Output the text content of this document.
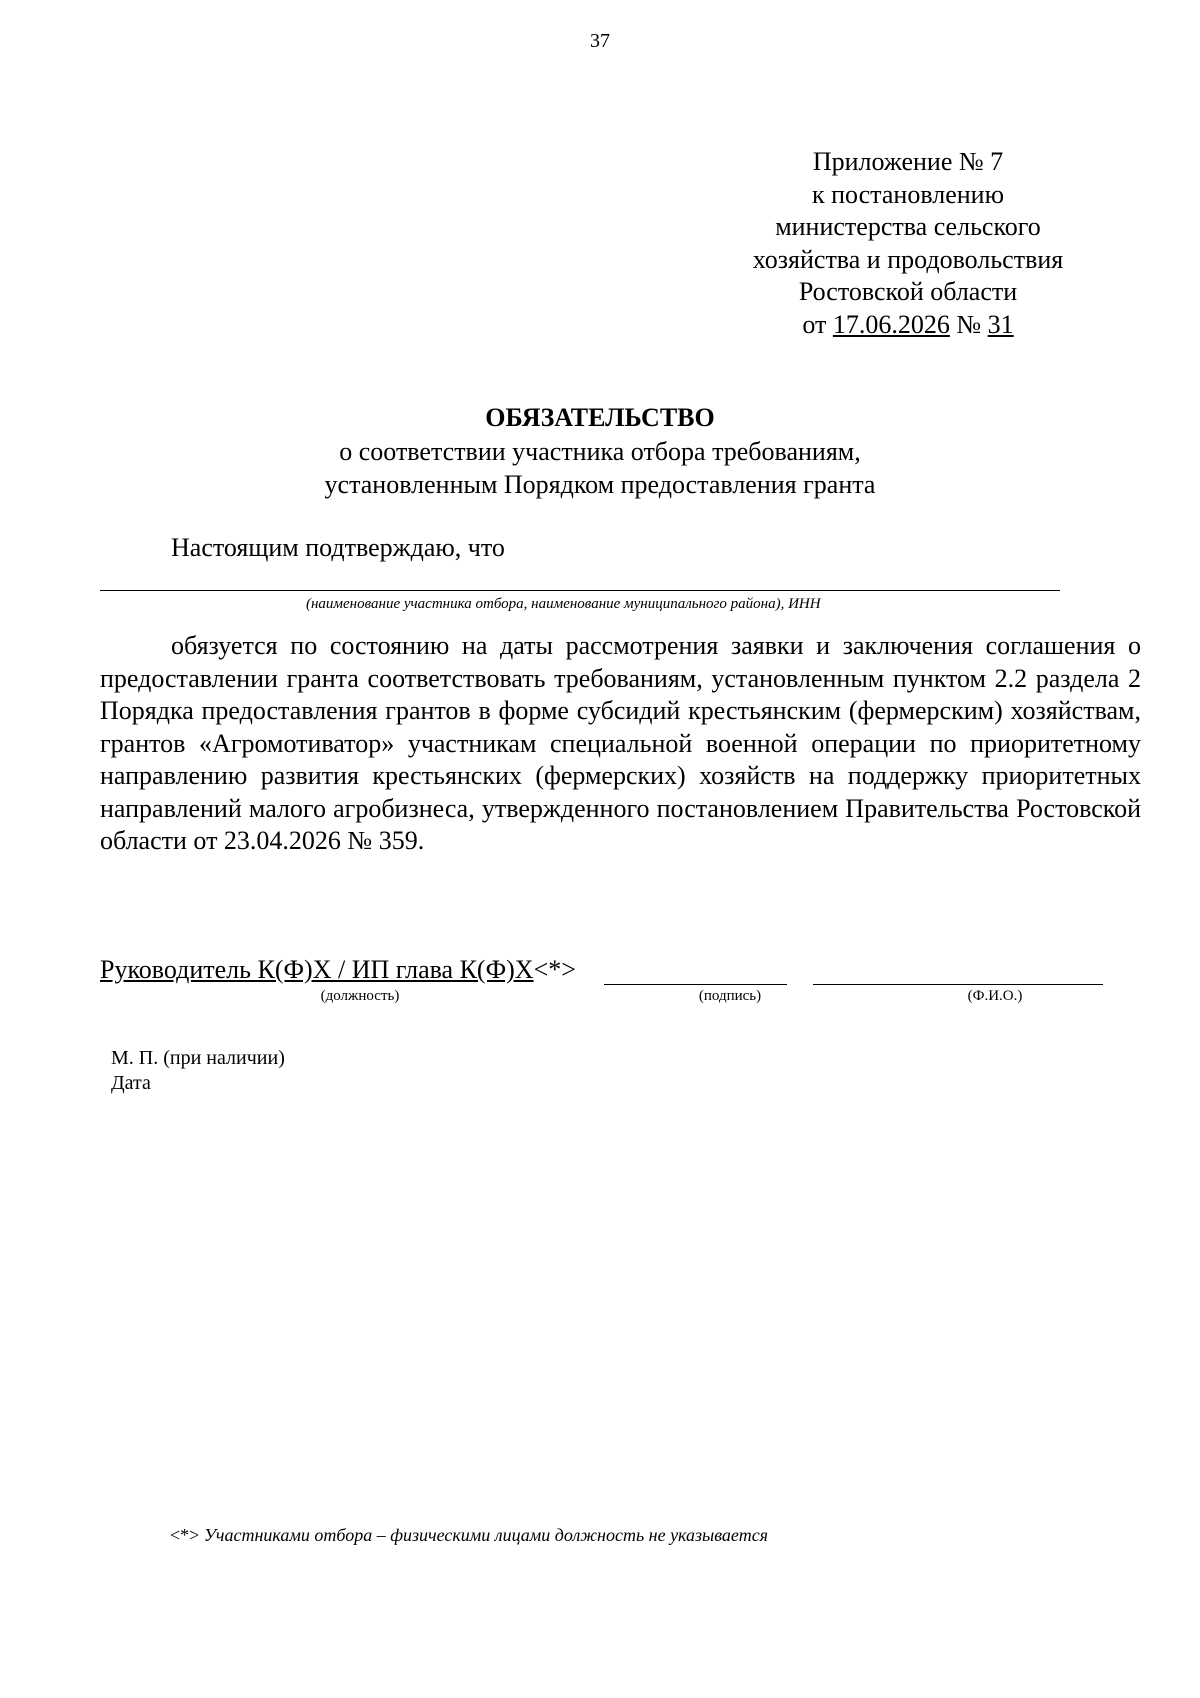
37
Приложение № 7
к постановлению
министерства сельского
хозяйства и продовольствия
Ростовской области
от 17.06.2026 № 31
ОБЯЗАТЕЛЬСТВО
о соответствии участника отбора требованиям,
установленным Порядком предоставления гранта
Настоящим подтверждаю, что
(наименование участника отбора, наименование муниципального района), ИНН
обязуется по состоянию на даты рассмотрения заявки и заключения соглашения о предоставлении гранта соответствовать требованиям, установленным пунктом 2.2 раздела 2 Порядка предоставления грантов в форме субсидий крестьянским (фермерским) хозяйствам, грантов «Агромотиватор» участникам специальной военной операции по приоритетному направлению развития крестьянских (фермерских) хозяйств на поддержку приоритетных направлений малого агробизнеса, утвержденного постановлением Правительства Ростовской области от 23.04.2026 № 359.
Руководитель К(Ф)Х / ИП глава К(Ф)Х<*>
(должность)	(подпись)	(Ф.И.О.)
М. П. (при наличии)
Дата
<*> Участниками отбора – физическими лицами должность не указывается
